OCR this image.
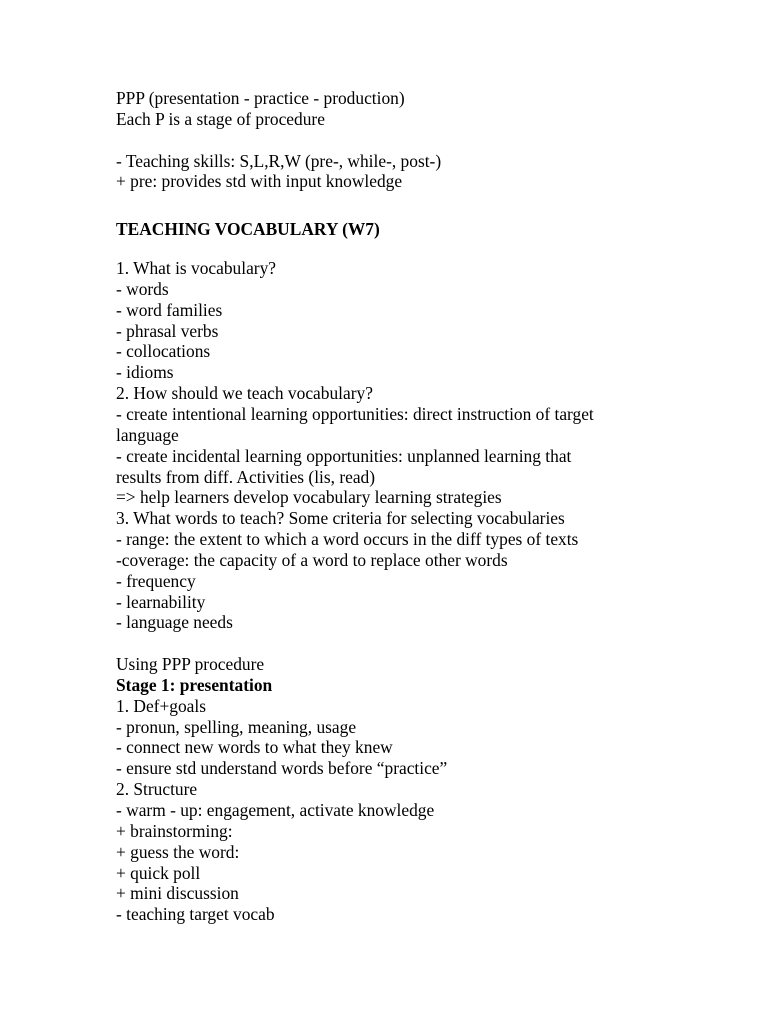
PPP (presentation - practice - production)
Each P is a stage of procedure
- Teaching skills: S,L,R,W (pre-, while-, post-)
+ pre: provides std with input knowledge
TEACHING VOCABULARY (W7)
1. What is vocabulary?
- words
- word families
- phrasal verbs
- collocations
- idioms
2. How should we teach vocabulary?
- create intentional learning opportunities: direct instruction of target
language
- create incidental learning opportunities: unplanned learning that
results from diff. Activities (lis, read)
=> help learners develop vocabulary learning strategies
3. What words to teach? Some criteria for selecting vocabularies
- range: the extent to which a word occurs in the diff types of texts
-coverage: the capacity of a word to replace other words
- frequency
- learnability
- language needs
Using PPP procedure
Stage 1: presentation
1. Def+goals
- pronun, spelling, meaning, usage
- connect new words to what they knew
- ensure std understand words before “practice”
2. Structure
- warm - up: engagement, activate knowledge
+ brainstorming:
+ guess the word:
+ quick poll
+ mini discussion
- teaching target vocab
